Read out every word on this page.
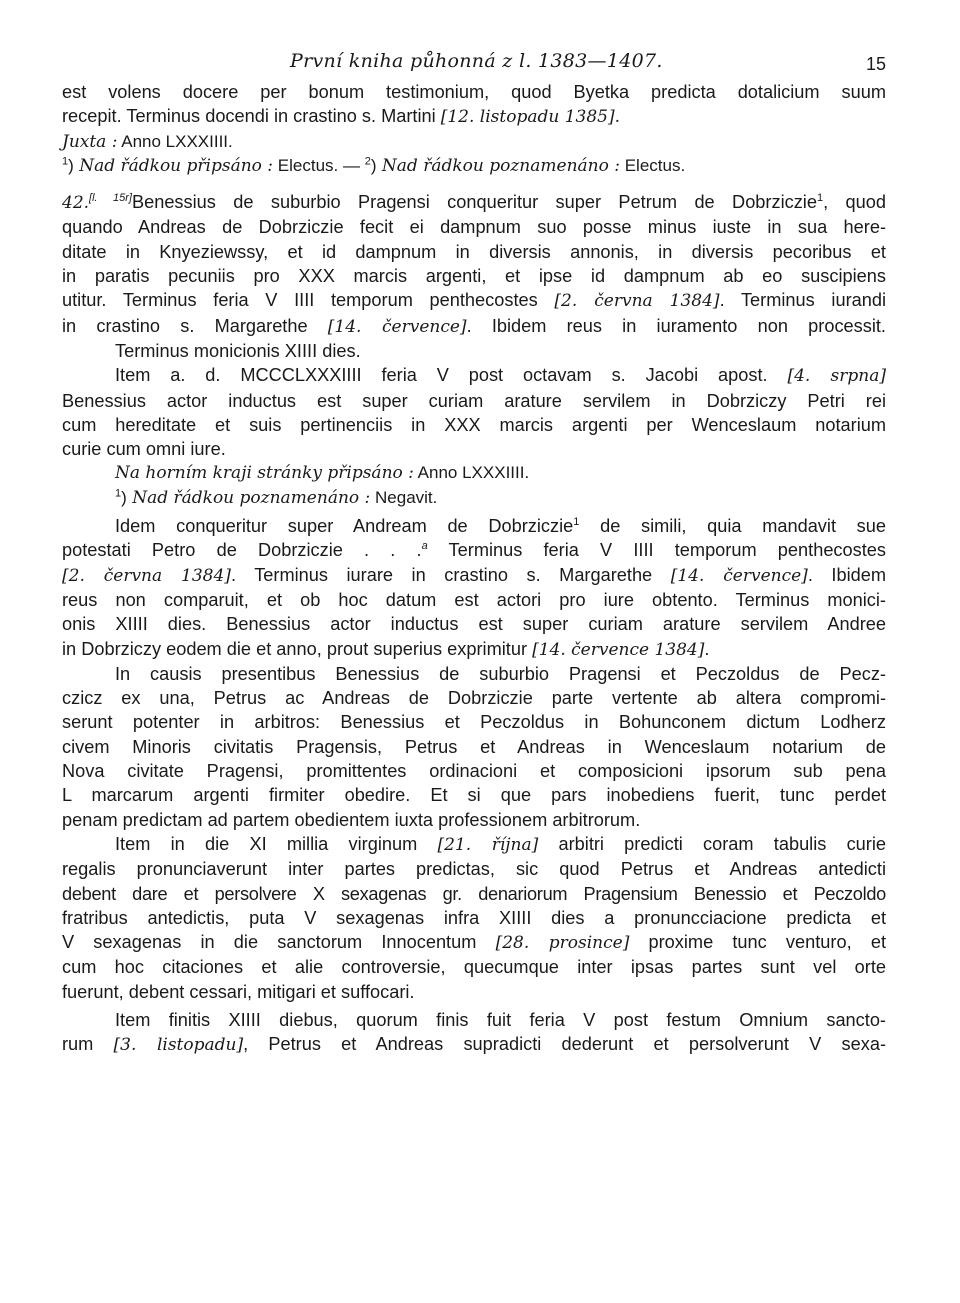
První kniha půhonná z l. 1383—1407.	15
est volens docere per bonum testimonium, quod Byetka predicta dotalicium suum
recepit. Terminus docendi in crastino s. Martini [12. listopadu 1385].
Juxta : Anno LXXXIIII.
$^1$) Nad řádkou připsáno : Electus. — $^2$) Nad řádkou poznamenáno : Electus.
42.[l. 15r]Benessius de suburbio Pragensi conqueritur super Petrum de Dobrziczie$^1$, quod
quando Andreas de Dobrziczie fecit ei dampnum suo posse minus iuste in sua here-
ditate in Knyeziewssy, et id dampnum in diversis annonis, in diversis pecoribus et
in paratis pecuniis pro XXX marcis argenti, et ipse id dampnum ab eo suscipiens
utitur. Terminus feria V IIII temporum penthecostes [2. června 1384]. Terminus iurandi
in crastino s. Margarethe [14. července]. Ibidem reus in iuramento non processit.
Terminus monicionis XIIII dies.
Item a. d. MCCCLXXXIIII feria V post octavam s. Jacobi apost. [4. srpna]
Benessius actor inductus est super curiam arature servilem in Dobrziczy Petri rei
cum hereditate et suis pertinenciis in XXX marcis argenti per Wenceslaum notarium
curie cum omni iure.
Na horním kraji stránky připsáno : Anno LXXXIIII.
$^1$) Nad řádkou poznamenáno : Negavit.
Idem conqueritur super Andream de Dobrziczie$^1$ de simili, quia mandavit sue
potestati Petro de Dobrziczie . . .$^a$ Terminus feria V IIII temporum penthecostes
[2. června 1384]. Terminus iurare in crastino s. Margarethe [14. července]. Ibidem
reus non comparuit, et ob hoc datum est actori pro iure obtento. Terminus monici-
onis XIIII dies. Benessius actor inductus est super curiam arature servilem Andree
in Dobrziczy eodem die et anno, prout superius exprimitur [14. července 1384].
In causis presentibus Benessius de suburbio Pragensi et Peczoldus de Pecz-
czicz ex una, Petrus ac Andreas de Dobrziczie parte vertente ab altera compromi-
serunt potenter in arbitros: Benessius et Peczoldus in Bohunconem dictum Lodherz
civem Minoris civitatis Pragensis, Petrus et Andreas in Wenceslaum notarium de
Nova civitate Pragensi, promittentes ordinacioni et composicioni ipsorum sub pena
L marcarum argenti firmiter obedire. Et si que pars inobediens fuerit, tunc perdet
penam predictam ad partem obedientem iuxta professionem arbitrorum.
Item in die XI millia virginum [21. října] arbitri predicti coram tabulis curie
regalis pronunciaverunt inter partes predictas, sic quod Petrus et Andreas antedicti
debent dare et persolvere X sexagenas gr. denariorum Pragensium Benessio et Peczoldo
fratribus antedictis, puta V sexagenas infra XIIII dies a pronuncciacione predicta et
V sexagenas in die sanctorum Innocentum [28. prosince] proxime tunc venturo, et
cum hoc citaciones et alie controversie, quecumque inter ipsas partes sunt vel orte
fuerunt, debent cessari, mitigari et suffocari.
Item finitis XIIII diebus, quorum finis fuit feria V post festum Omnium sancto-
rum [3. listopadu], Petrus et Andreas supradicti dederunt et persolverunt V sexa-
